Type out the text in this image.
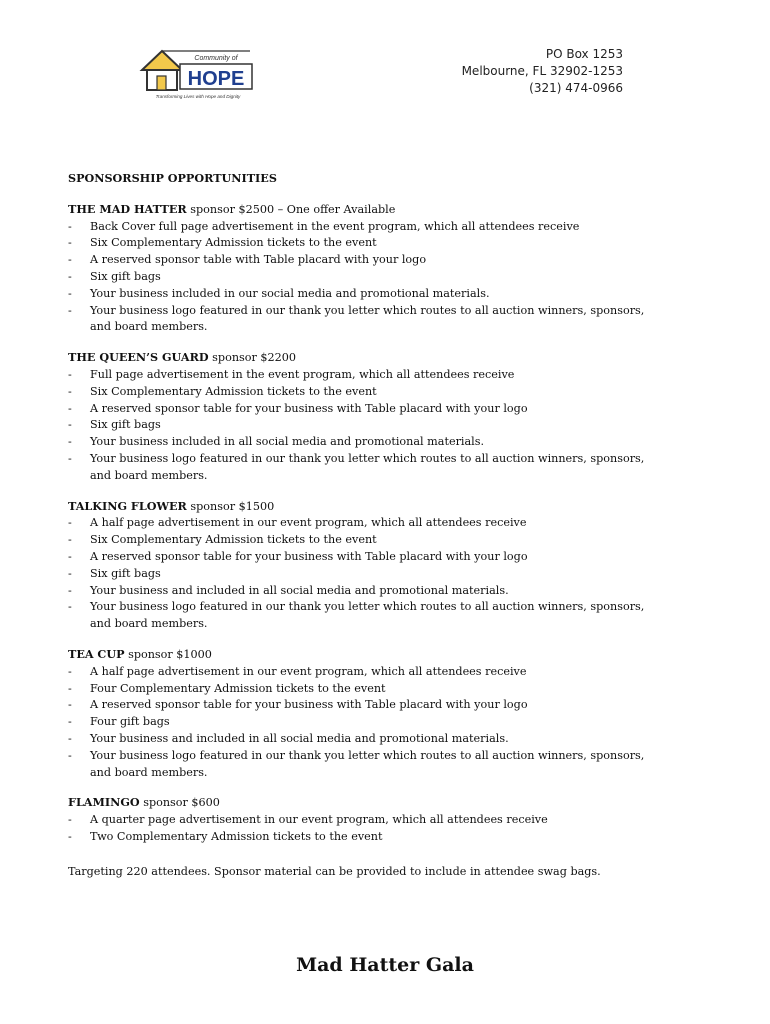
Community of
HOPE
Transforming Lives with Hope and Dignity
PO Box 1253
Melbourne, FL 32902-1253
(321) 474-0966
SPONSORSHIP OPPORTUNITIES
THE MAD HATTER sponsor $2500 – One offer Available
- Back Cover full page advertisement in the event program, which all attendees receive
- Six Complementary Admission tickets to the event
- A reserved sponsor table with Table placard with your logo
- Six gift bags
- Your business included in our social media and promotional materials.
- Your business logo featured in our thank you letter which routes to all auction winners, sponsors, and board members.
THE QUEEN’S GUARD sponsor $2200
- Full page advertisement in the event program, which all attendees receive
- Six Complementary Admission tickets to the event
- A reserved sponsor table for your business with Table placard with your logo
- Six gift bags
- Your business included in all social media and promotional materials.
- Your business logo featured in our thank you letter which routes to all auction winners, sponsors, and board members.
TALKING FLOWER sponsor $1500
- A half page advertisement in our event program, which all attendees receive
- Six Complementary Admission tickets to the event
- A reserved sponsor table for your business with Table placard with your logo
- Six gift bags
- Your business and included in all social media and promotional materials.
- Your business logo featured in our thank you letter which routes to all auction winners, sponsors, and board members.
TEA CUP sponsor $1000
- A half page advertisement in our event program, which all attendees receive
- Four Complementary Admission tickets to the event
- A reserved sponsor table for your business with Table placard with your logo
- Four gift bags
- Your business and included in all social media and promotional materials.
- Your business logo featured in our thank you letter which routes to all auction winners, sponsors, and board members.
FLAMINGO sponsor $600
- A quarter page advertisement in our event program, which all attendees receive
- Two Complementary Admission tickets to the event
Targeting 220 attendees. Sponsor material can be provided to include in attendee swag bags.
Mad Hatter Gala
